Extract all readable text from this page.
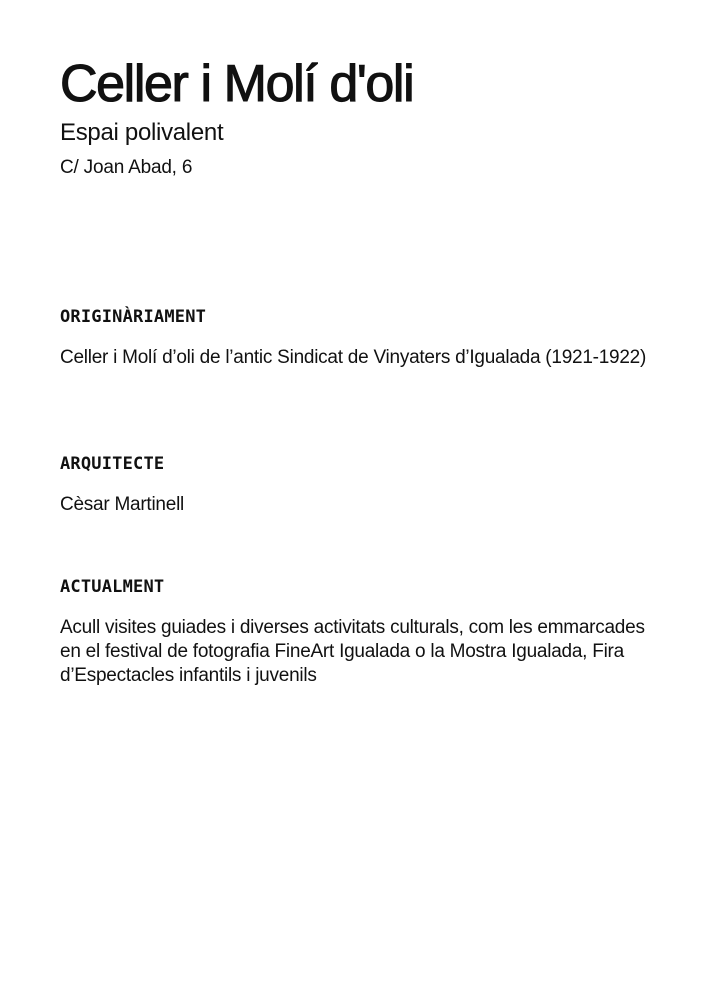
Celler i Molí d'oli

Espai polivalent

C/ Joan Abad, 6

ORIGINÀRIAMENT

Celler i Molí d’oli de l’antic Sindicat de Vinyaters d’Igualada (1921-1922)

ARQUITECTE

Cèsar Martinell

ACTUALMENT

Acull visites guiades i diverses activitats culturals, com les emmarcades en el festival de fotografia FineArt Igualada o la Mostra Igualada, Fira d’Espectacles infantils i juvenils
